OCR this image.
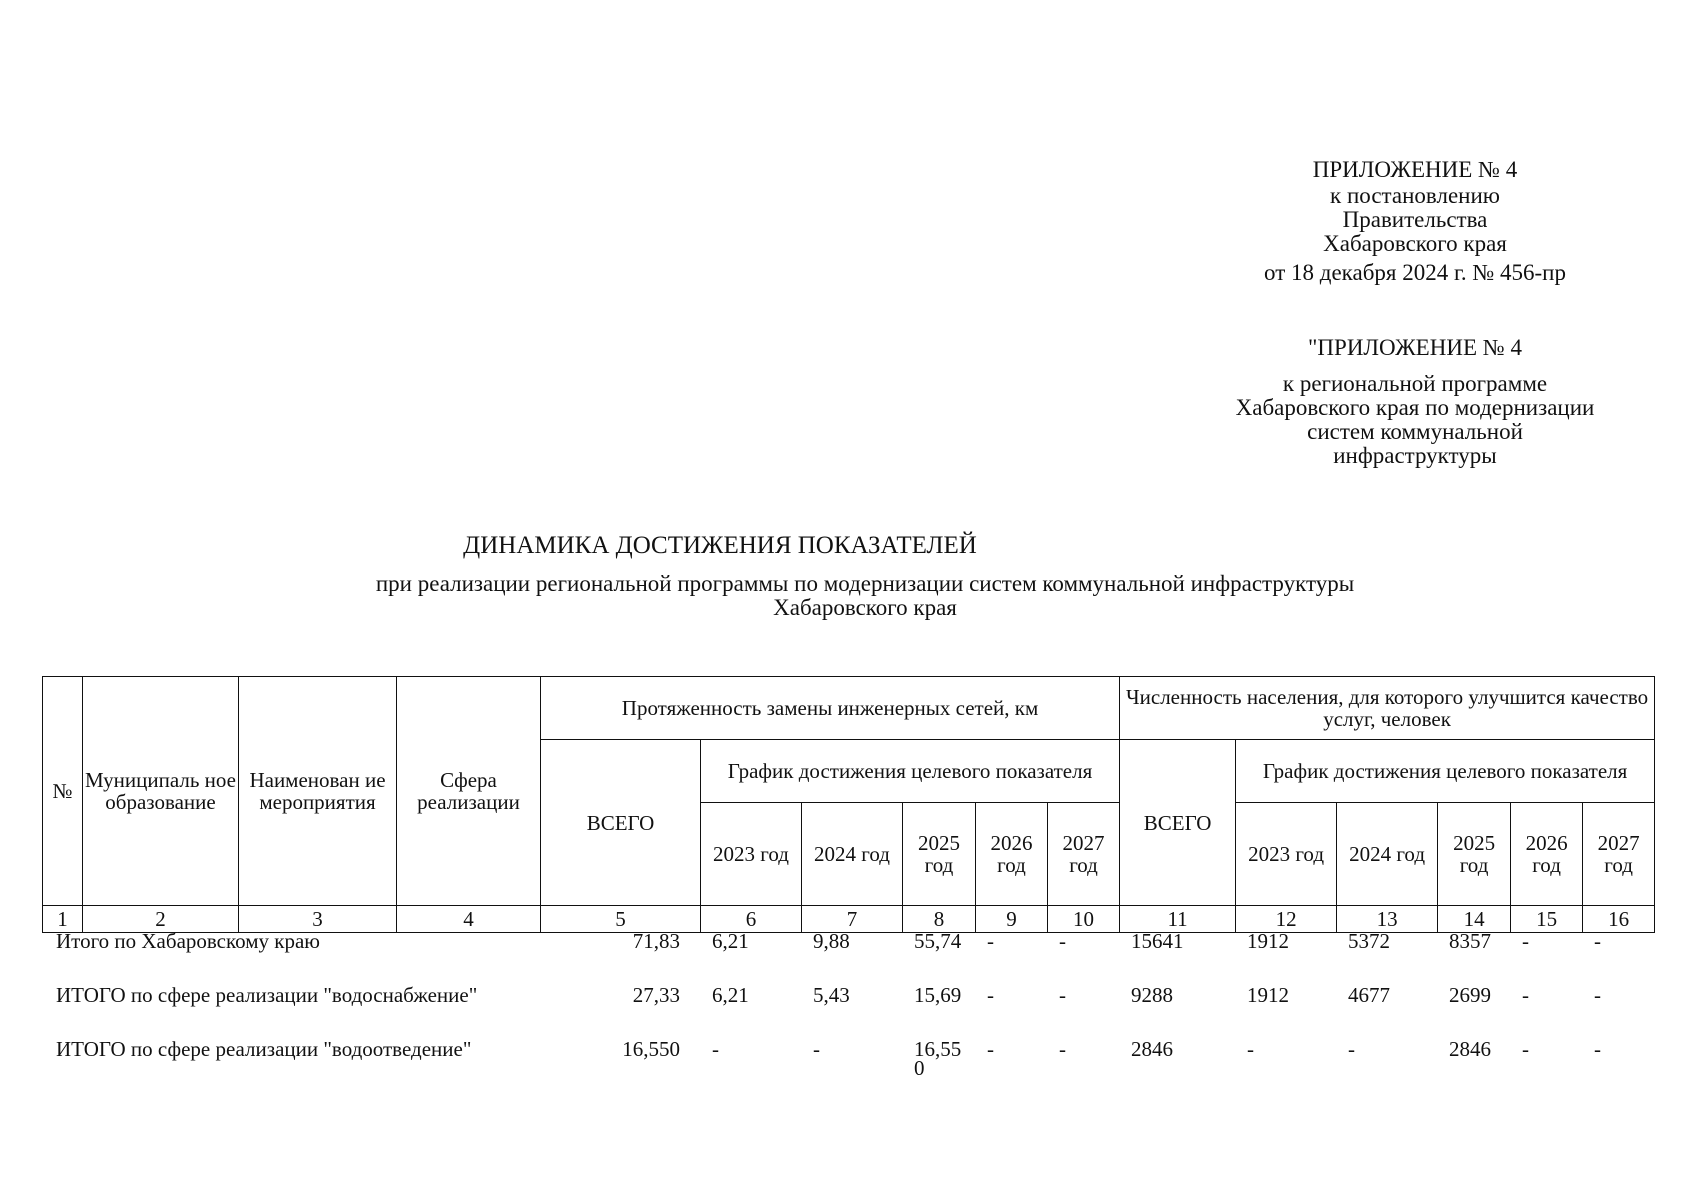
ПРИЛОЖЕНИЕ № 4
к постановлению
Правительства
Хабаровского края
от 18 декабря 2024 г. № 456-пр
"ПРИЛОЖЕНИЕ № 4
к региональной программе
Хабаровского края по модернизации
систем коммунальной
инфраструктуры
ДИНАМИКА ДОСТИЖЕНИЯ ПОКАЗАТЕЛЕЙ
при реализации региональной программы по модернизации систем коммунальной инфраструктуры
Хабаровского края
№	Муниципаль ное образование	Наименован ие мероприятия	Сфера реализации	Протяженность замены инженерных сетей, км						Численность населения, для которого улучшится качество услуг, человек					
				ВСЕГО	График достижения целевого показателя					ВСЕГО	График достижения целевого показателя				
					2023 год	2024 год	2025 год	2026 год	2027 год		2023 год	2024 год	2025 год	2026 год	2027 год
1	2	3	4	5	6	7	8	9	10	11	12	13	14	15	16
Итого по Хабаровскому краю	71,83	6,21	9,88	55,74	-	-	15641	1912	5372	8357	-	-
ИТОГО по сфере реализации "водоснабжение"	27,33	6,21	5,43	15,69	-	-	9288	1912	4677	2699	-	-
ИТОГО по сфере реализации "водоотведение"	16,550	-	-	16,550	-	-	2846	-	-	2846	-	-
